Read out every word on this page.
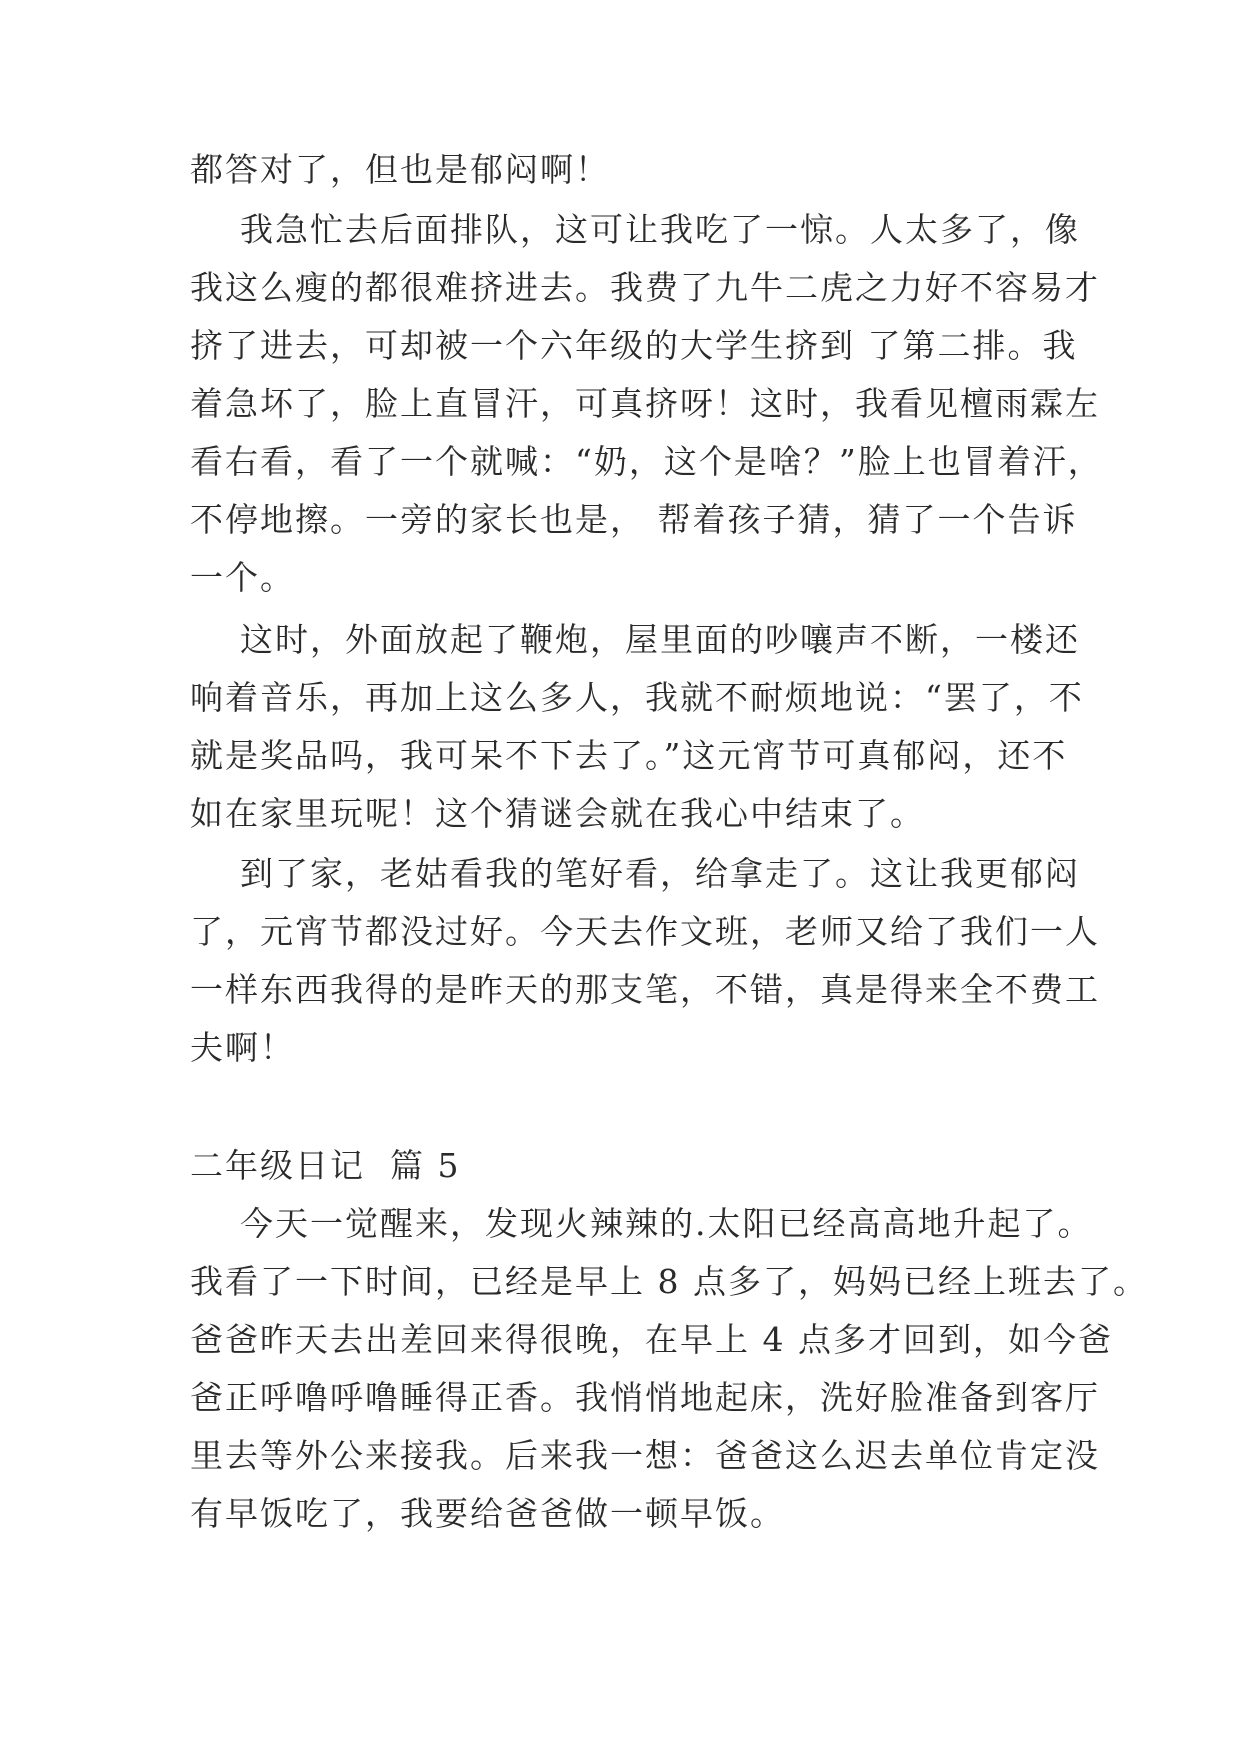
都答对了，但也是郁闷啊！
我急忙去后面排队，这可让我吃了一惊。人太多了，像
我这么瘦的都很难挤进去。我费了九牛二虎之力好不容易才
挤了进去，可却被一个六年级的大学生挤到 了第二排。我
着急坏了，脸上直冒汗，可真挤呀！这时，我看见檀雨霖左
看右看，看了一个就喊：“奶，这个是啥？”脸上也冒着汗，
不停地擦。一旁的家长也是， 帮着孩子猜，猜了一个告诉
一个。
这时，外面放起了鞭炮，屋里面的吵嚷声不断，一楼还
响着音乐，再加上这么多人，我就不耐烦地说：“罢了，不
就是奖品吗，我可呆不下去了。”这元宵节可真郁闷，还不
如在家里玩呢！这个猜谜会就在我心中结束了。
到了家，老姑看我的笔好看，给拿走了。这让我更郁闷
了，元宵节都没过好。今天去作文班，老师又给了我们一人
一样东西我得的是昨天的那支笔，不错，真是得来全不费工
夫啊！
二年级日记  篇 5
今天一觉醒来，发现火辣辣的.太阳已经高高地升起了。
我看了一下时间，已经是早上 8 点多了，妈妈已经上班去了。
爸爸昨天去出差回来得很晚，在早上 4 点多才回到，如今爸
爸正呼噜呼噜睡得正香。我悄悄地起床，洗好脸准备到客厅
里去等外公来接我。后来我一想：爸爸这么迟去单位肯定没
有早饭吃了，我要给爸爸做一顿早饭。
